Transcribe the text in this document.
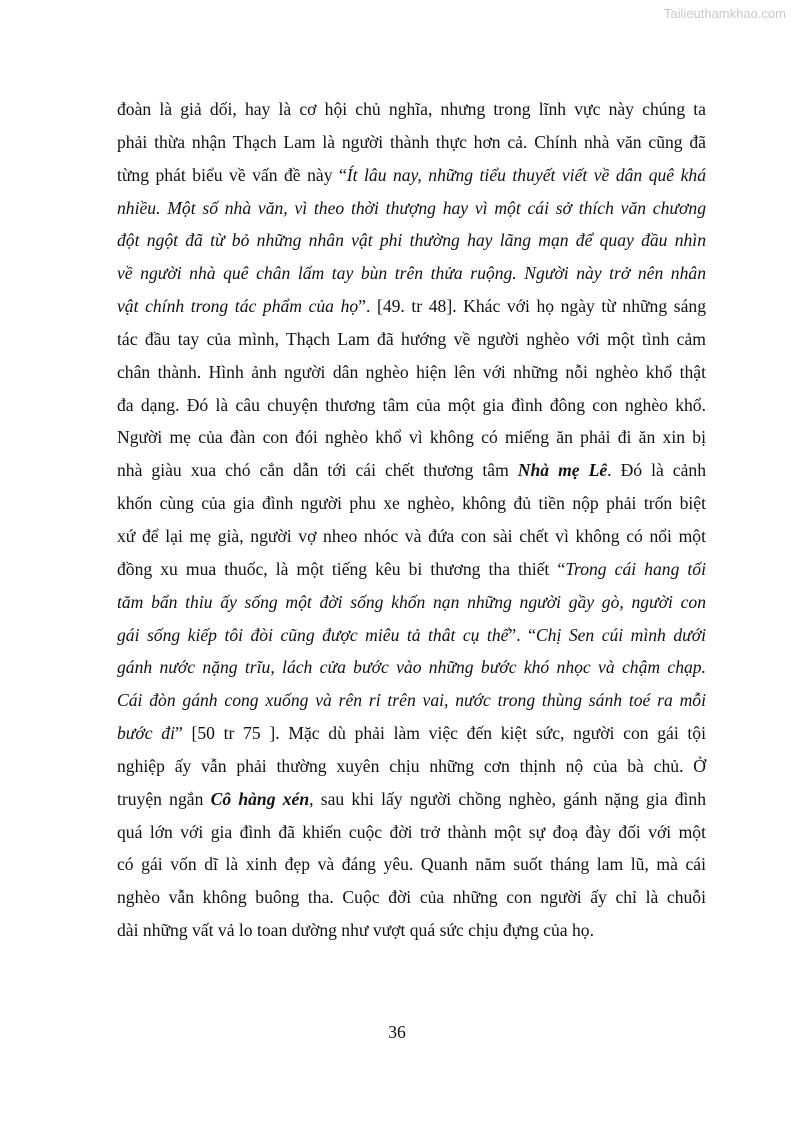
Tailieuthamkhao.com
đoàn là giả dối, hay là cơ hội chủ nghĩa, nhưng trong lĩnh vực này chúng ta
phải thừa nhận Thạch Lam là người thành thực hơn cả. Chính nhà văn cũng đã
từng phát biểu về vấn đề này “Ít lâu nay, những tiểu thuyết viết về dân quê khá
nhiều. Một số nhà văn, vì theo thời thượng hay vì một cái sở thích văn chương
đột ngột đã từ bỏ những nhân vật phi thường hay lãng mạn để quay đầu nhìn
về người nhà quê chân lấm tay bùn trên thửa ruộng. Người này trở nên nhân
vật chính trong tác phẩm của họ”. [49. tr 48]. Khác với họ ngày từ những sáng
tác đầu tay của mình, Thạch Lam đã hướng về người nghèo với một tình cảm
chân thành. Hình ảnh người dân nghèo hiện lên với những nỗi nghèo khổ thật
đa dạng. Đó là câu chuyện thương tâm của một gia đình đông con nghèo khổ.
Người mẹ của đàn con đói nghèo khổ vì không có miếng ăn phải đi ăn xin bị
nhà giàu xua chó cắn dẫn tới cái chết thương tâm Nhà mẹ Lê. Đó là cảnh
khốn cùng của gia đình người phu xe nghèo, không đủ tiền nộp phải trốn biệt
xứ để lại mẹ già, người vợ nheo nhóc và đứa con sài chết vì không có nổi một
đồng xu mua thuốc, là một tiếng kêu bi thương tha thiết “Trong cái hang tối
tăm bẩn thỉu ấy sống một đời sống khốn nạn những người gầy gò, người con
gái sống kiếp tôi đòi cũng được miêu tả thât cụ thể”. “Chị Sen cúi mình dưới
gánh nước nặng trĩu, lách cửa bước vào những bước khó nhọc và chậm chạp.
Cái đòn gánh cong xuống và rên rỉ trên vai, nước trong thùng sánh toé ra mỗi
bước đi” [50 tr 75 ]. Mặc dù phải làm việc đến kiệt sức, người con gái tội
nghiệp ấy vẫn phải thường xuyên chịu những cơn thịnh nộ của bà chủ. Ở
truyện ngắn Cô hàng xén, sau khi lấy người chồng nghèo, gánh nặng gia đình
quá lớn với gia đình đã khiến cuộc đời trở thành một sự đoạ đày đối với một
có gái vốn dĩ là xinh đẹp và đáng yêu. Quanh năm suốt tháng lam lũ, mà cái
nghèo vẫn không buông tha. Cuộc đời của những con người ấy chỉ là chuỗi
dài những vất vả lo toan dường như vượt quá sức chịu đựng của họ.
36
